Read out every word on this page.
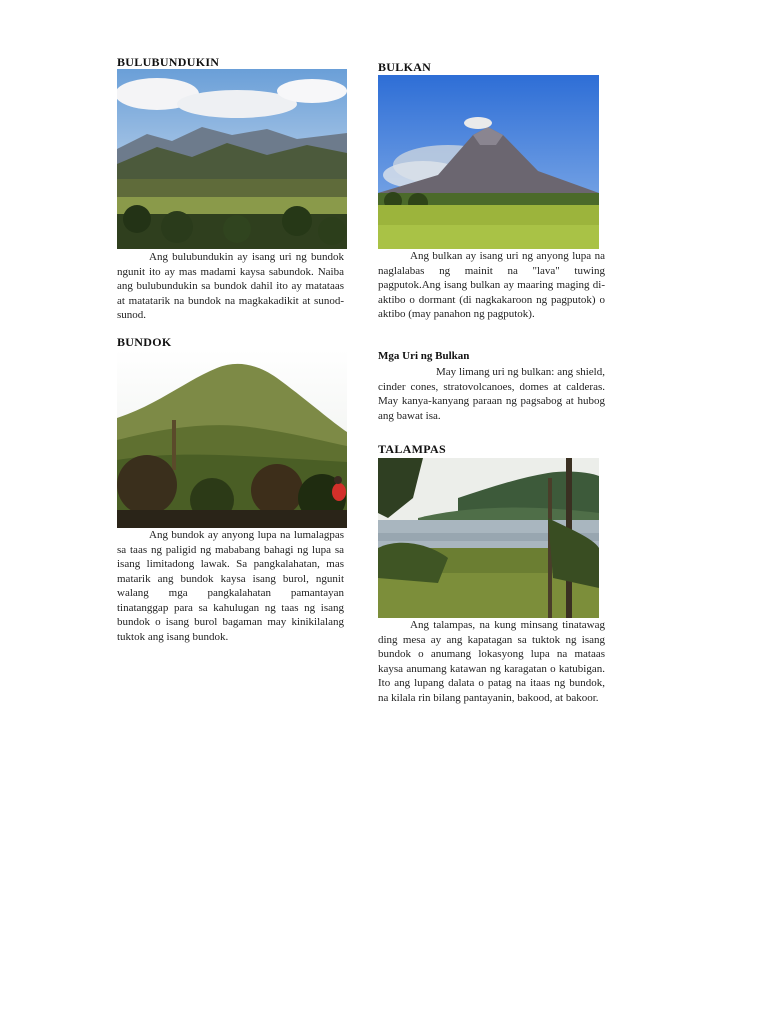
BULUBUNDUKIN

Ang bulubundukin ay isang uri ng bundok ngunit ito ay mas madami kaysa sabundok. Naiba ang bulubundukin sa bundok dahil ito ay matataas at matatarik na bundok na magkakadikit at sunod-sunod.

BUNDOK

Ang bundok ay anyong lupa na lumalagpas sa taas ng paligid ng mababang bahagi ng lupa sa isang limitadong lawak. Sa pangkalahatan, mas matarik ang bundok kaysa isang burol, ngunit walang mga pangkalahatan pamantayan tinatanggap para sa kahulugan ng taas ng isang bundok o isang burol bagaman may kinikilalang tuktok ang isang bundok.

BULKAN

Ang bulkan ay isang uri ng anyong lupa na naglalabas ng mainit na "lava" tuwing pagputok.Ang isang bulkan ay maaring maging di-aktibo o dormant (di nagkakaroon ng pagputok) o aktibo (may panahon ng pagputok).

Mga Uri ng Bulkan

May limang uri ng bulkan: ang shield, cinder cones, stratovolcanoes, domes at calderas. May kanya-kanyang paraan ng pagsabog at hubog ang bawat isa.

TALAMPAS

Ang talampas, na kung minsang tinatawag ding mesa ay ang kapatagan sa tuktok ng isang bundok o anumang lokasyong lupa na mataas kaysa anumang katawan ng karagatan o katubigan. Ito ang lupang dalata o patag na itaas ng bundok, na kilala rin bilang pantayanin, bakood, at bakoor.
